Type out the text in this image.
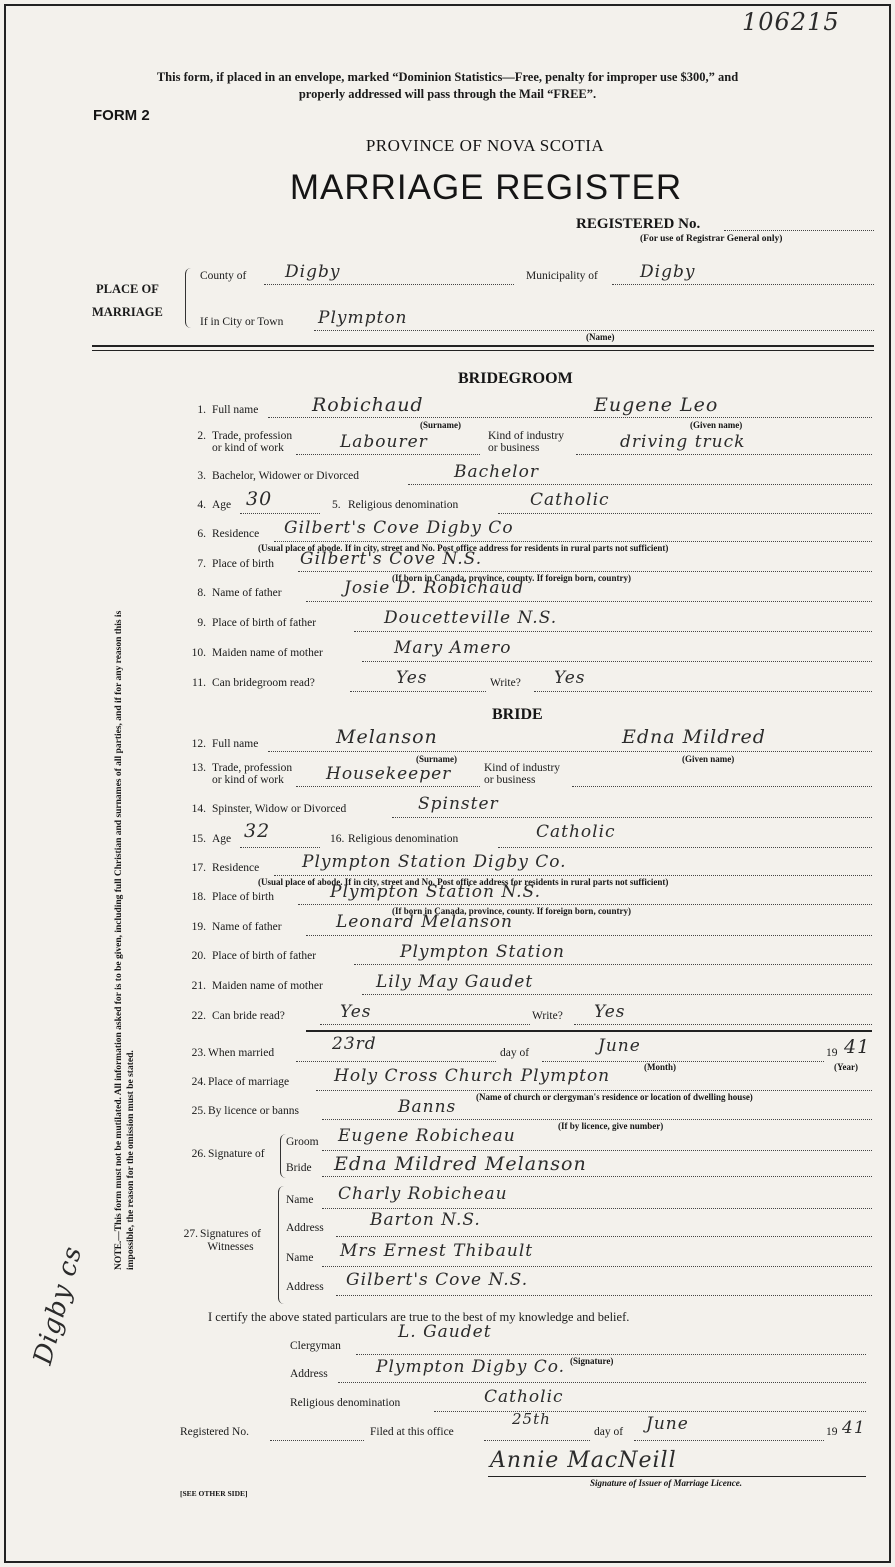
106215
This form, if placed in an envelope, marked “Dominion Statistics—Free, penalty for improper use $300,” and
properly addressed will pass through the Mail “FREE”.
FORM 2
PROVINCE OF NOVA SCOTIA
MARRIAGE REGISTER
REGISTERED No.
(For use of Registrar General only)
PLACE OF
MARRIAGE
County of Digby	Municipality of Digby
If in City or Town Plympton
(Name)
BRIDEGROOM
1. Full name	Robichaud	Eugene Leo
(Surname)	(Given name)
2. Trade, profession
or kind of work	Labourer	Kind of industry
or business	driving truck
3. Bachelor, Widower or Divorced	Bachelor
4. Age 30	5. Religious denomination	Catholic
6. Residence Gilbert's Cove Digby Co
(Usual place of abode. If in city, street and No. Post office address for residents in rural parts not sufficient)
7. Place of birth Gilbert's Cove N.S.
(If born in Canada, province, county. If foreign born, country)
8. Name of father	Josie D. Robichaud
9. Place of birth of father	Doucetteville N.S.
10. Maiden name of mother	Mary Amero
11. Can bridegroom read?	Yes	Write? Yes
BRIDE
12. Full name	Melanson	Edna Mildred
(Surname)	(Given name)
13. Trade, profession
or kind of work	Housekeeper	Kind of industry
or business
14. Spinster, Widow or Divorced	Spinster
15. Age 32	16. Religious denomination	Catholic
17. Residence	Plympton Station Digby Co.
(Usual place of abode. If in city, street and No. Post office address for residents in rural parts not sufficient)
18. Place of birth	Plympton Station N.S.
(If born in Canada, province, county. If foreign born, country)
19. Name of father	Leonard Melanson
20. Place of birth of father	Plympton Station
21. Maiden name of mother	Lily May Gaudet
22. Can bride read?	Yes	Write? Yes
23. When married	23rd	day of	June
(Month)
19 41
(Year)
24. Place of marriage	Holy Cross Church Plympton
(Name of church or clergyman's residence or location of dwelling house)
25. By licence or banns	Banns
(If by licence, give number)
26. Signature of
Groom Eugene Robicheau
Bride Edna Mildred Melanson
27. Signatures of
Witnesses
Name Charly Robicheau
Address	Barton N.S.
Name Mrs Ernest Thibault
Address Gilbert's Cove N.S.
I certify the above stated particulars are true to the best of my knowledge and belief.
Clergyman
L. Gaudet
(Signature)
Address	Plympton Digby Co.
Religious denomination	Catholic
Registered No.	Filed at this office
25th
day of June	19 41
Annie MacNeill
Signature of Issuer of Marriage Licence.
[SEE OTHER SIDE]
NOTE.—This form must not be mutilated. All information asked for is to be given, including full Christian and surnames of all parties, and if for any reason this is impossible, the reason for the omission must be stated.
Digby cs
